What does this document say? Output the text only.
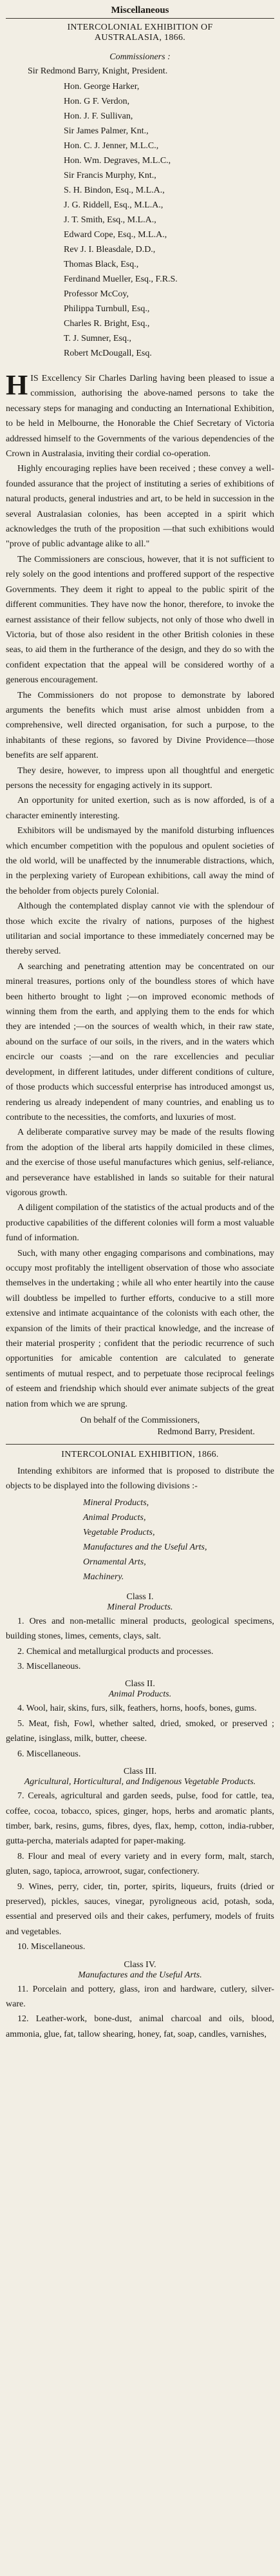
Miscellaneous
INTERCOLONIAL EXHIBITION OF
AUSTRALASIA, 1866.
Commissioners :
Sir Redmond Barry, Knight, President.
Hon. George Harker,
Hon. G F. Verdon,
Hon. J. F. Sullivan,
Sir James Palmer, Knt.,
Hon. C. J. Jenner, M.L.C.,
Hon. Wm. Degraves, M.L.C.,
Sir Francis Murphy, Knt.,
S. H. Bindon, Esq., M.L.A.,
J. G. Riddell, Esq., M.L.A.,
J. T. Smith, Esq., M.L.A.,
Edward Cope, Esq., M.L.A.,
Rev J. I. Bleasdale, D.D.,
Thomas Black, Esq.,
Ferdinand Mueller, Esq., F.R.S.
Professor McCoy,
Philippa Turnbull, Esq.,
Charles R. Bright, Esq.,
T. J. Sumner, Esq.,
Robert McDougall, Esq.

HIS Excellency Sir Charles Darling having been pleased to issue a commission, authorising the above-named persons to take the necessary steps for managing and conducting an International Exhibition, to be held in Melbourne, the Honorable the Chief Secretary of Victoria addressed himself to the Governments of the various dependencies of the Crown in Australasia, inviting their cordial co-operation.

Highly encouraging replies have been received ; these convey a well-founded assurance that the project of instituting a series of exhibitions of natural products, general industries and art, to be held in succession in the several Australasian colonies, has been accepted in a spirit which acknowledges the truth of the proposition —that such exhibitions would "prove of public advantage alike to all."

The Commissioners are conscious, however, that it is not sufficient to rely solely on the good intentions and proffered support of the respective Governments. They deem it right to appeal to the public spirit of the different communities. They have now the honor, therefore, to invoke the earnest assistance of their fellow subjects, not only of those who dwell in Victoria, but of those also resident in the other British colonies in these seas, to aid them in the furtherance of the design, and they do so with the confident expectation that the appeal will be considered worthy of a generous encouragement.

The Commissioners do not propose to demonstrate by labored arguments the benefits which must arise almost unbidden from a comprehensive, well directed organisation, for such a purpose, to the inhabitants of these regions, so favored by Divine Providence—those benefits are self apparent.

They desire, however, to impress upon all thoughtful and energetic persons the necessity for engaging actively in its support.

An opportunity for united exertion, such as is now afforded, is of a character eminently interesting.

Exhibitors will be undismayed by the manifold disturbing influences which encumber competition with the populous and opulent societies of the old world, will be unaffected by the innumerable distractions, which, in the perplexing variety of European exhibitions, call away the mind of the beholder from objects purely Colonial.

Although the contemplated display cannot vie with the splendour of those which excite the rivalry of nations, purposes of the highest utilitarian and social importance to these immediately concerned may be thereby served.

A searching and penetrating attention may be concentrated on our mineral treasures, portions only of the boundless stores of which have been hitherto brought to light ;—on improved economic methods of winning them from the earth, and applying them to the ends for which they are intended ;—on the sources of wealth which, in their raw state, abound on the surface of our soils, in the rivers, and in the waters which encircle our coasts ;—and on the rare excellencies and peculiar development, in different latitudes, under different conditions of culture, of those products which successful enterprise has introduced amongst us, rendering us already independent of many countries, and enabling us to contribute to the necessities, the comforts, and luxuries of most.

A deliberate comparative survey may be made of the results flowing from the adoption of the liberal arts happily domiciled in these climes, and the exercise of those useful manufactures which genius, self-reliance, and perseverance have established in lands so suitable for their natural vigorous growth.

A diligent compilation of the statistics of the actual products and of the productive capabilities of the different colonies will form a most valuable fund of information.

Such, with many other engaging comparisons and combinations, may occupy most profitably the intelligent observation of those who associate themselves in the undertaking ; while all who enter heartily into the cause will doubtless be impelled to further efforts, conducive to a still more extensive and intimate acquaintance of the colonists with each other, the expansion of the limits of their practical knowledge, and the increase of their material prosperity ; confident that the periodic recurrence of such opportunities for amicable contention are calculated to generate sentiments of mutual respect, and to perpetuate those reciprocal feelings of esteem and friendship which should ever animate subjects of the great nation from which we are sprung.

On behalf of the Commissioners,
Redmond Barry, President.
INTERCOLONIAL EXHIBITION, 1866.

Intending exhibitors are informed that is proposed to distribute the objects to be displayed into the following divisions :-

Mineral Products,
Animal Products,
Vegetable Products,
Manufactures and the Useful Arts,
Ornamental Arts,
Machinery.
Class I.
Mineral Products.

1. Ores and non-metallic mineral products, geological specimens, building stones, limes, cements, clays, salt.

2. Chemical and metallurgical products and processes.

3. Miscellaneous.

Class II.
Animal Products.

4. Wool, hair, skins, furs, silk, feathers, horns, hoofs, bones, gums.

5. Meat, fish, Fowl, whether salted, dried, smoked, or preserved ; gelatine, isinglass, milk, butter, cheese.

6. Miscellaneous.

Class III.
Agricultural, Horticultural, and Indigenous Vegetable Products.

7. Cereals, agricultural and garden seeds, pulse, food for cattle, tea, coffee, cocoa, tobacco, spices, ginger, hops, herbs and aromatic plants, timber, bark, resins, gums, fibres, dyes, flax, hemp, cotton, india-rubber, gutta-percha, materials adapted for paper-making.

8. Flour and meal of every variety and in every form, malt, starch, gluten, sago, tapioca, arrowroot, sugar, confectionery.

9. Wines, perry, cider, tin, porter, spirits, liqueurs, fruits (dried or preserved), pickles, sauces, vinegar, pyroligneous acid, potash, soda, essential and preserved oils and their cakes, perfumery, models of fruits and vegetables.

10. Miscellaneous.

Class IV.
Manufactures and the Useful Arts.

11. Porcelain and pottery, glass, iron and hardware, cutlery, silver-ware.

12. Leather-work, bone-dust, animal charcoal and oils, blood, ammonia, glue, fat, tallow shearing, honey, fat, soap, candles, varnishes,
